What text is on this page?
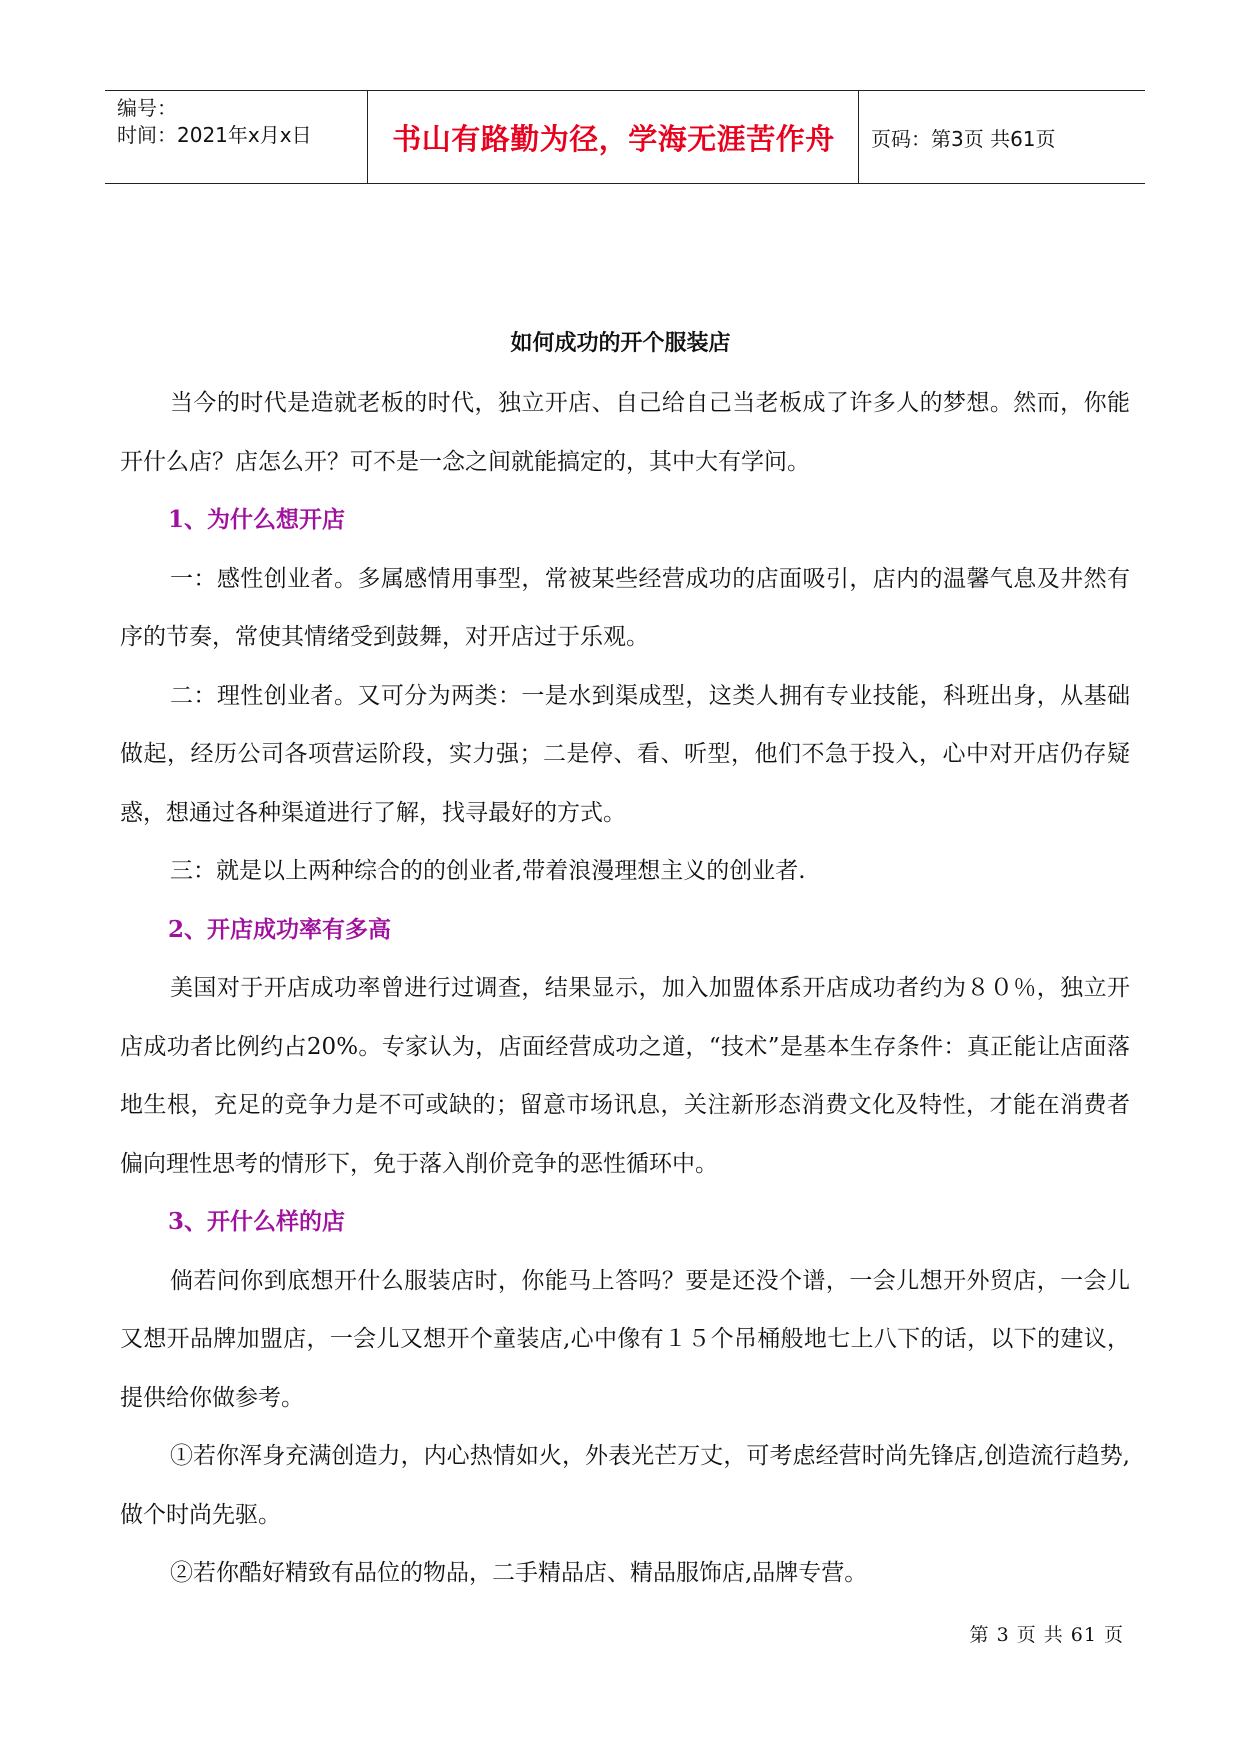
编号：
时间：2021年x月x日	书山有路勤为径，学海无涯苦作舟	页码：第3页 共61页
如何成功的开个服装店

当今的时代是造就老板的时代，独立开店、自己给自己当老板成了许多人的梦想。然而，你能开什么店？店怎么开？可不是一念之间就能搞定的，其中大有学问。

1、为什么想开店

一：感性创业者。多属感情用事型，常被某些经营成功的店面吸引，店内的温馨气息及井然有序的节奏，常使其情绪受到鼓舞，对开店过于乐观。

二：理性创业者。又可分为两类：一是水到渠成型，这类人拥有专业技能，科班出身，从基础做起，经历公司各项营运阶段，实力强；二是停、看、听型，他们不急于投入，心中对开店仍存疑惑，想通过各种渠道进行了解，找寻最好的方式。

三：就是以上两种综合的的创业者,带着浪漫理想主义的创业者.

2、开店成功率有多高

美国对于开店成功率曾进行过调查，结果显示，加入加盟体系开店成功者约为８０％，独立开店成功者比例约占20%。专家认为，店面经营成功之道，“技术”是基本生存条件：真正能让店面落地生根，充足的竞争力是不可或缺的；留意市场讯息，关注新形态消费文化及特性，才能在消费者偏向理性思考的情形下，免于落入削价竞争的恶性循环中。

3、开什么样的店

倘若问你到底想开什么服装店时，你能马上答吗？要是还没个谱，一会儿想开外贸店，一会儿又想开品牌加盟店，一会儿又想开个童装店,心中像有１５个吊桶般地七上八下的话，以下的建议，提供给你做参考。

①若你浑身充满创造力，内心热情如火，外表光芒万丈，可考虑经营时尚先锋店,创造流行趋势,做个时尚先驱。

②若你酷好精致有品位的物品，二手精品店、精品服饰店,品牌专营。

第 3 页 共 61 页
